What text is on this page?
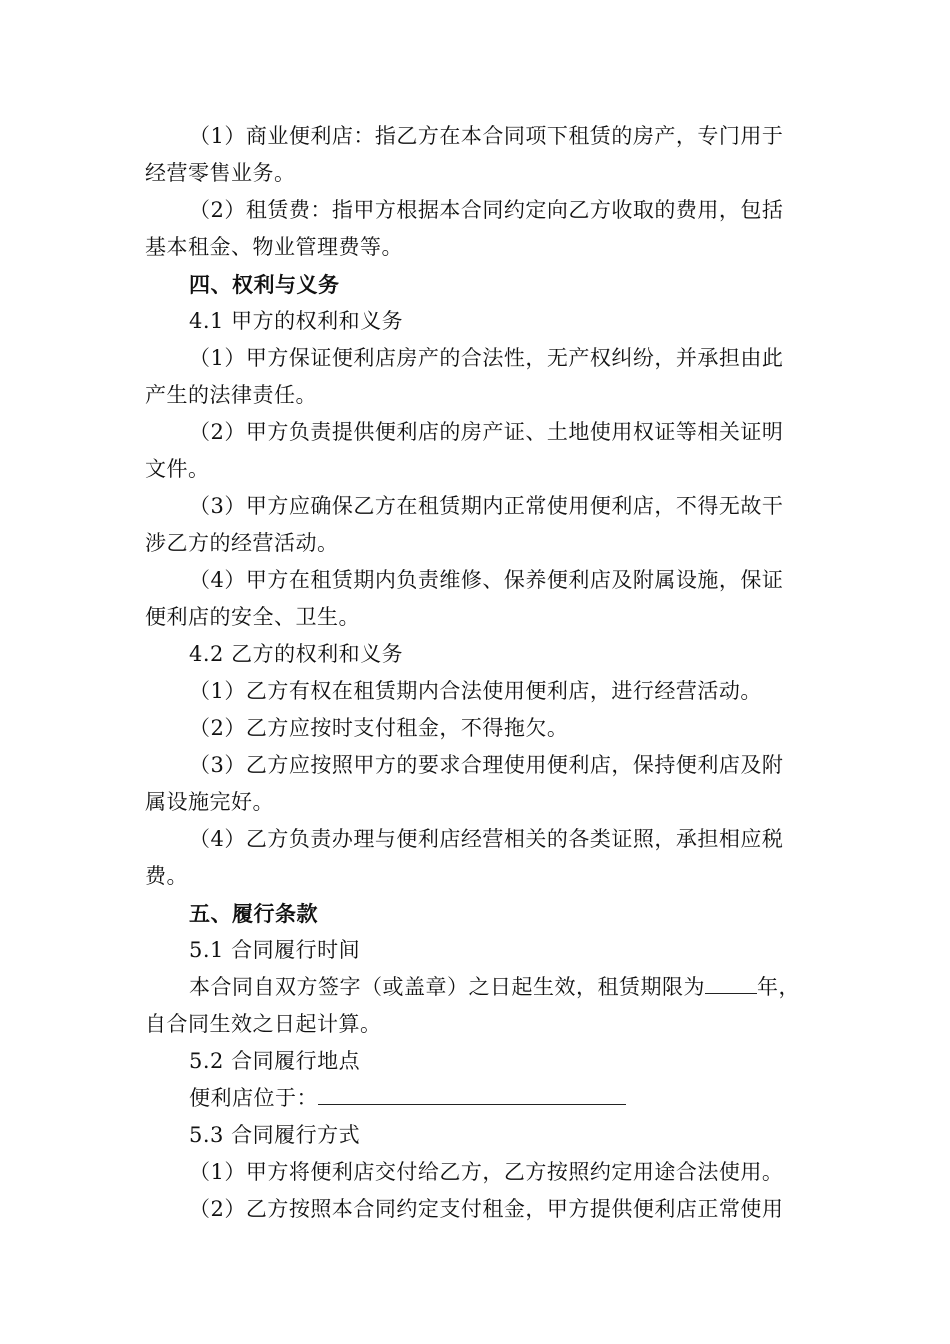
（1）商业便利店：指乙方在本合同项下租赁的房产，专门用于
经营零售业务。
（2）租赁费：指甲方根据本合同约定向乙方收取的费用，包括
基本租金、物业管理费等。
四、权利与义务
4.1 甲方的权利和义务
（1）甲方保证便利店房产的合法性，无产权纠纷，并承担由此
产生的法律责任。
（2）甲方负责提供便利店的房产证、土地使用权证等相关证明
文件。
（3）甲方应确保乙方在租赁期内正常使用便利店，不得无故干
涉乙方的经营活动。
（4）甲方在租赁期内负责维修、保养便利店及附属设施，保证
便利店的安全、卫生。
4.2 乙方的权利和义务
（1）乙方有权在租赁期内合法使用便利店，进行经营活动。
（2）乙方应按时支付租金，不得拖欠。
（3）乙方应按照甲方的要求合理使用便利店，保持便利店及附
属设施完好。
（4）乙方负责办理与便利店经营相关的各类证照，承担相应税
费。
五、履行条款
5.1 合同履行时间
本合同自双方签字（或盖章）之日起生效，租赁期限为 年，
自合同生效之日起计算。
5.2 合同履行地点
便利店位于：
5.3 合同履行方式
（1）甲方将便利店交付给乙方，乙方按照约定用途合法使用。
（2）乙方按照本合同约定支付租金，甲方提供便利店正常使用
